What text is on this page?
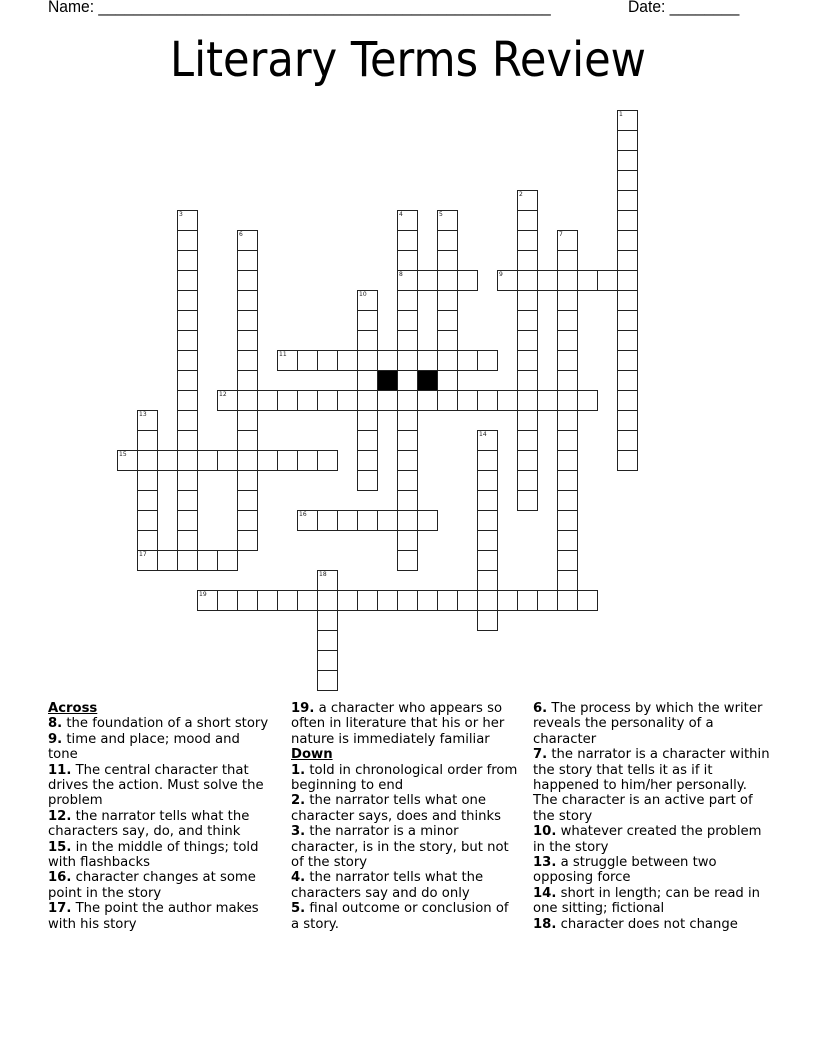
Name: ____________________________________________________	Date: ________
Literary Terms Review
1
2
3	4
8
5
6	7
9
10
11
12
13
17
14
15
16
18
19
Across
8. the foundation of a short story
9. time and place; mood and tone
11. The central character that drives the action. Must solve the problem
12. the narrator tells what the characters say, do, and think
15. in the middle of things; told with flashbacks
16. character changes at some point in the story
17. The point the author makes with his story
19. a character who appears so often in literature that his or her nature is immediately familiar
Down
1. told in chronological order from beginning to end
2. the narrator tells what one character says, does and thinks
3. the narrator is a minor character, is in the story, but not of the story
4. the narrator tells what the characters say and do only
5. final outcome or conclusion of a story.
6. The process by which the writer reveals the personality of a character
7. the narrator is a character within the story that tells it as if it happened to him/her personally. The character is an active part of the story
10. whatever created the problem in the story
13. a struggle between two opposing force
14. short in length; can be read in one sitting; fictional
18. character does not change
